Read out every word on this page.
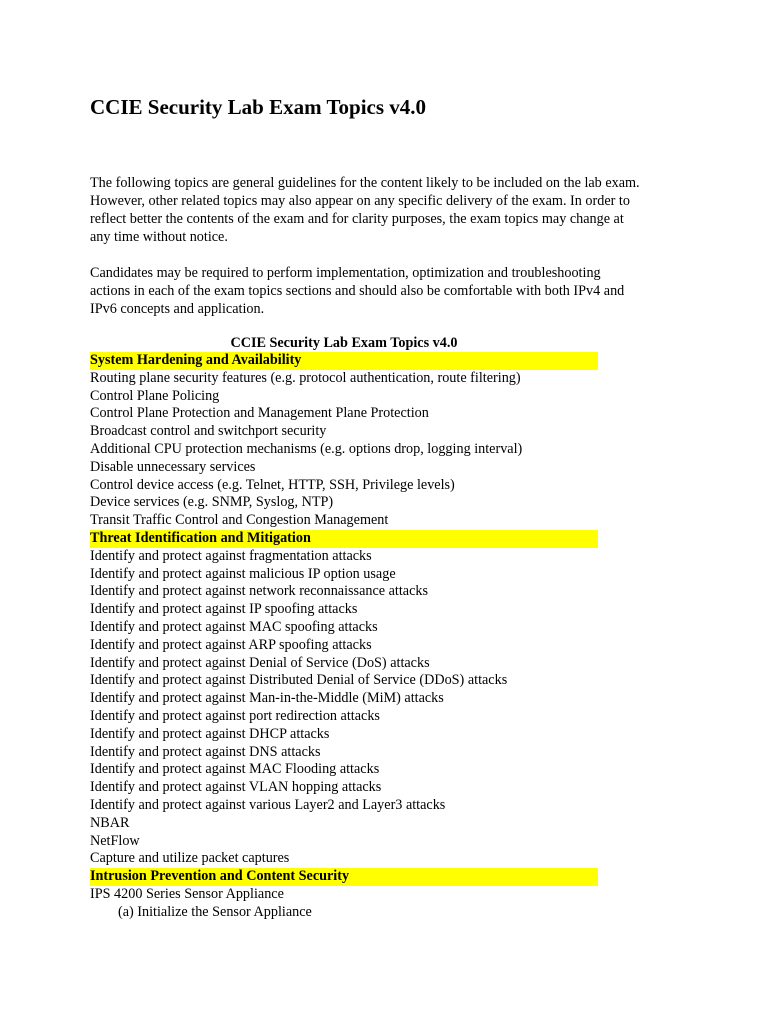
CCIE Security Lab Exam Topics v4.0
The following topics are general guidelines for the content likely to be included on the lab exam.
However, other related topics may also appear on any specific delivery of the exam. In order to
reflect better the contents of the exam and for clarity purposes, the exam topics may change at
any time without notice.
Candidates may be required to perform implementation, optimization and troubleshooting
actions in each of the exam topics sections and should also be comfortable with both IPv4 and
IPv6 concepts and application.
CCIE Security Lab Exam Topics v4.0
System Hardening and Availability
Routing plane security features (e.g. protocol authentication, route filtering)
Control Plane Policing
Control Plane Protection and Management Plane Protection
Broadcast control and switchport security
Additional CPU protection mechanisms (e.g. options drop, logging interval)
Disable unnecessary services
Control device access (e.g. Telnet, HTTP, SSH, Privilege levels)
Device services (e.g. SNMP, Syslog, NTP)
Transit Traffic Control and Congestion Management
Threat Identification and Mitigation
Identify and protect against fragmentation attacks
Identify and protect against malicious IP option usage
Identify and protect against network reconnaissance attacks
Identify and protect against IP spoofing attacks
Identify and protect against MAC spoofing attacks
Identify and protect against ARP spoofing attacks
Identify and protect against Denial of Service (DoS) attacks
Identify and protect against Distributed Denial of Service (DDoS) attacks
Identify and protect against Man-in-the-Middle (MiM) attacks
Identify and protect against port redirection attacks
Identify and protect against DHCP attacks
Identify and protect against DNS attacks
Identify and protect against MAC Flooding attacks
Identify and protect against VLAN hopping attacks
Identify and protect against various Layer2 and Layer3 attacks
NBAR
NetFlow
Capture and utilize packet captures
Intrusion Prevention and Content Security
IPS 4200 Series Sensor Appliance
(a) Initialize the Sensor Appliance
